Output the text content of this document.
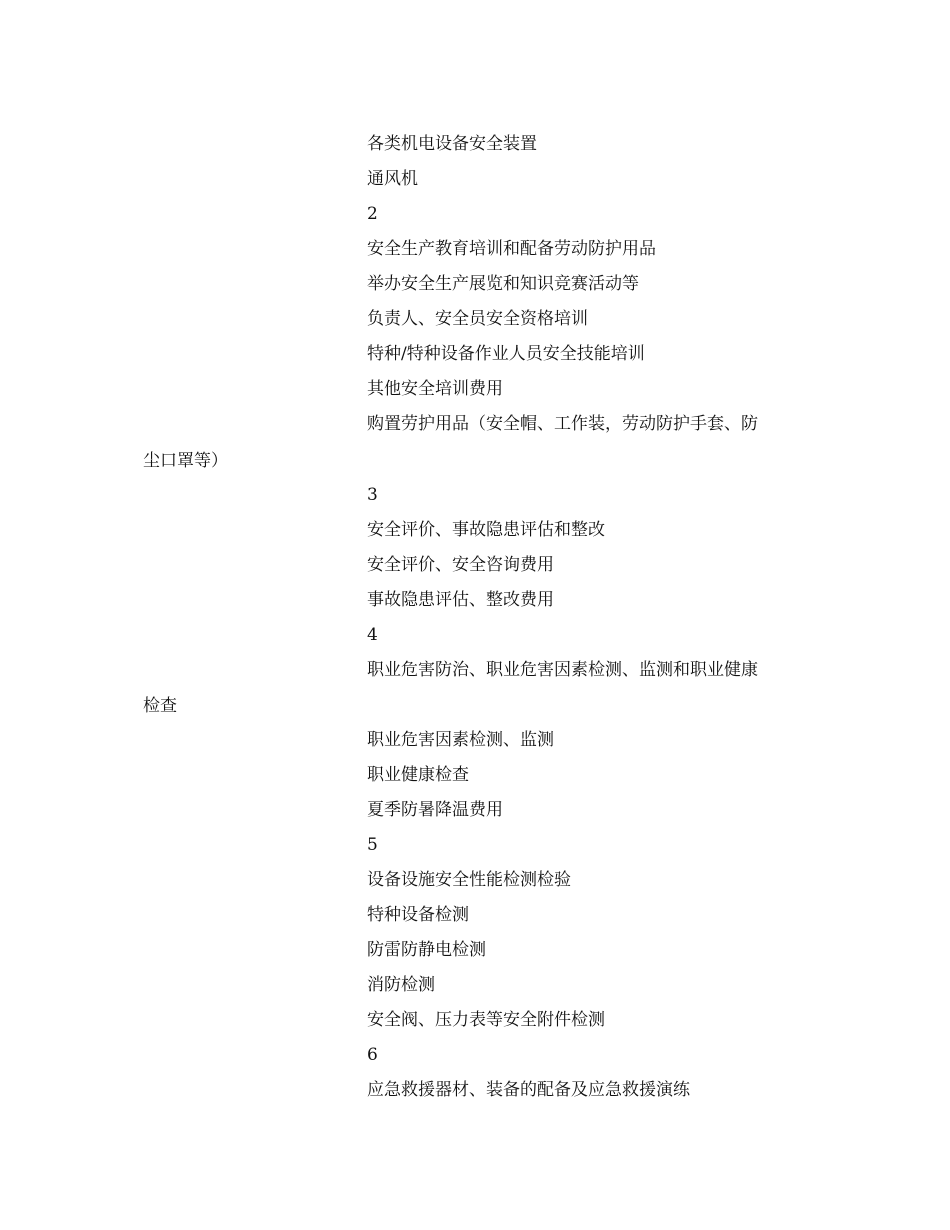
各类机电设备安全装置
通风机
2
安全生产教育培训和配备劳动防护用品
举办安全生产展览和知识竞赛活动等
负责人、安全员安全资格培训
特种/特种设备作业人员安全技能培训
其他安全培训费用
购置劳护用品（安全帽、工作装，劳动防护手套、防
尘口罩等）
3
安全评价、事故隐患评估和整改
安全评价、安全咨询费用
事故隐患评估、整改费用
4
职业危害防治、职业危害因素检测、监测和职业健康
检查
职业危害因素检测、监测
职业健康检查
夏季防暑降温费用
5
设备设施安全性能检测检验
特种设备检测
防雷防静电检测
消防检测
安全阀、压力表等安全附件检测
6
应急救援器材、装备的配备及应急救援演练
